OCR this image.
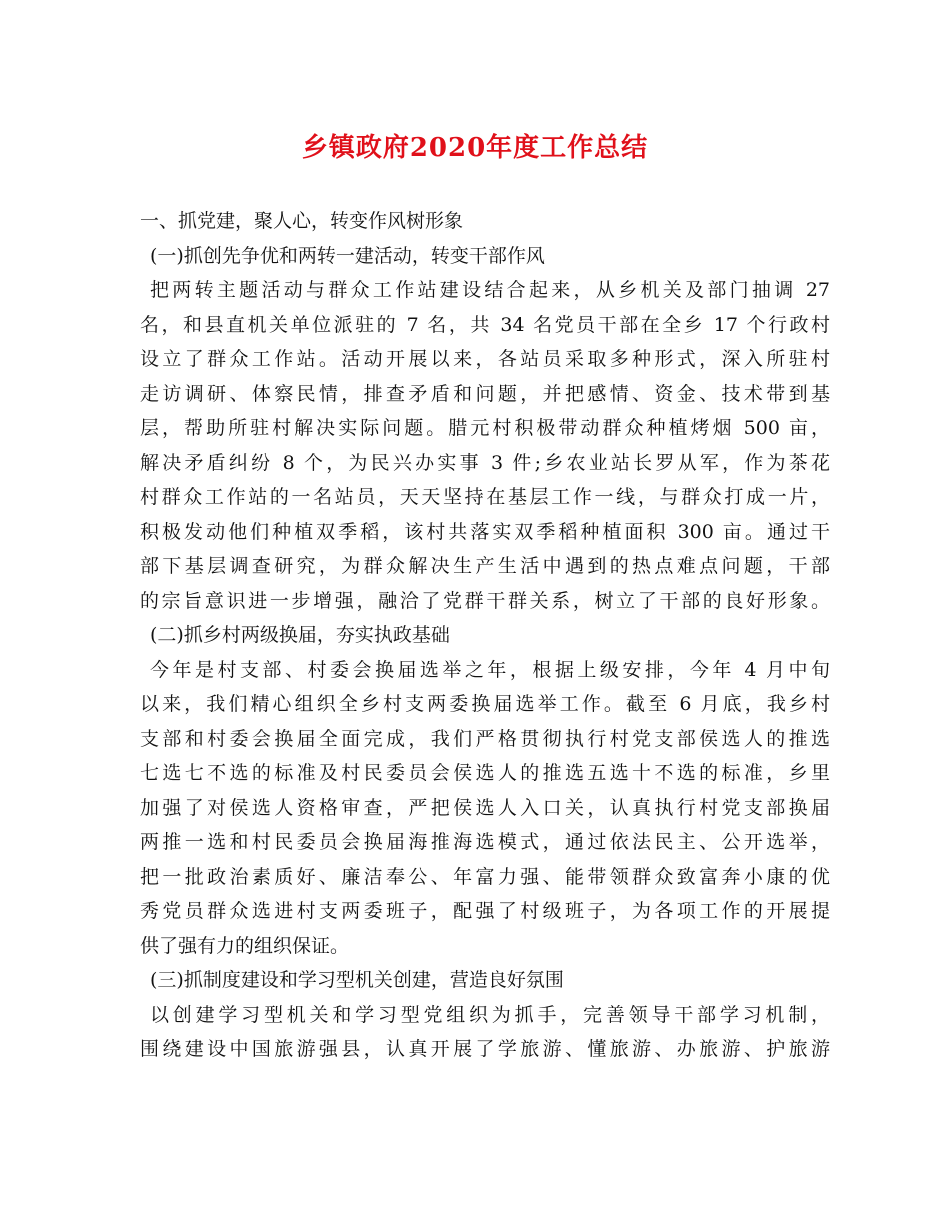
乡镇政府2020年度工作总结
一、抓党建，聚人心，转变作风树形象
(一)抓创先争优和两转一建活动，转变干部作风
把两转主题活动与群众工作站建设结合起来，从乡机关及部门抽调 27
名，和县直机关单位派驻的 7 名，共 34 名党员干部在全乡 17 个行政村
设立了群众工作站。活动开展以来，各站员采取多种形式，深入所驻村
走访调研、体察民情，排查矛盾和问题，并把感情、资金、技术带到基
层，帮助所驻村解决实际问题。腊元村积极带动群众种植烤烟 500 亩，
解决矛盾纠纷 8 个，为民兴办实事 3 件;乡农业站长罗从军，作为茶花
村群众工作站的一名站员，天天坚持在基层工作一线，与群众打成一片，
积极发动他们种植双季稻，该村共落实双季稻种植面积 300 亩。通过干
部下基层调查研究，为群众解决生产生活中遇到的热点难点问题，干部
的宗旨意识进一步增强，融洽了党群干群关系，树立了干部的良好形象。
(二)抓乡村两级换届，夯实执政基础
今年是村支部、村委会换届选举之年，根据上级安排，今年 4 月中旬
以来，我们精心组织全乡村支两委换届选举工作。截至 6 月底，我乡村
支部和村委会换届全面完成，我们严格贯彻执行村党支部侯选人的推选
七选七不选的标准及村民委员会侯选人的推选五选十不选的标准，乡里
加强了对侯选人资格审查，严把侯选人入口关，认真执行村党支部换届
两推一选和村民委员会换届海推海选模式，通过依法民主、公开选举，
把一批政治素质好、廉洁奉公、年富力强、能带领群众致富奔小康的优
秀党员群众选进村支两委班子，配强了村级班子，为各项工作的开展提
供了强有力的组织保证。
(三)抓制度建设和学习型机关创建，营造良好氛围
以创建学习型机关和学习型党组织为抓手，完善领导干部学习机制，
围绕建设中国旅游强县，认真开展了学旅游、懂旅游、办旅游、护旅游
